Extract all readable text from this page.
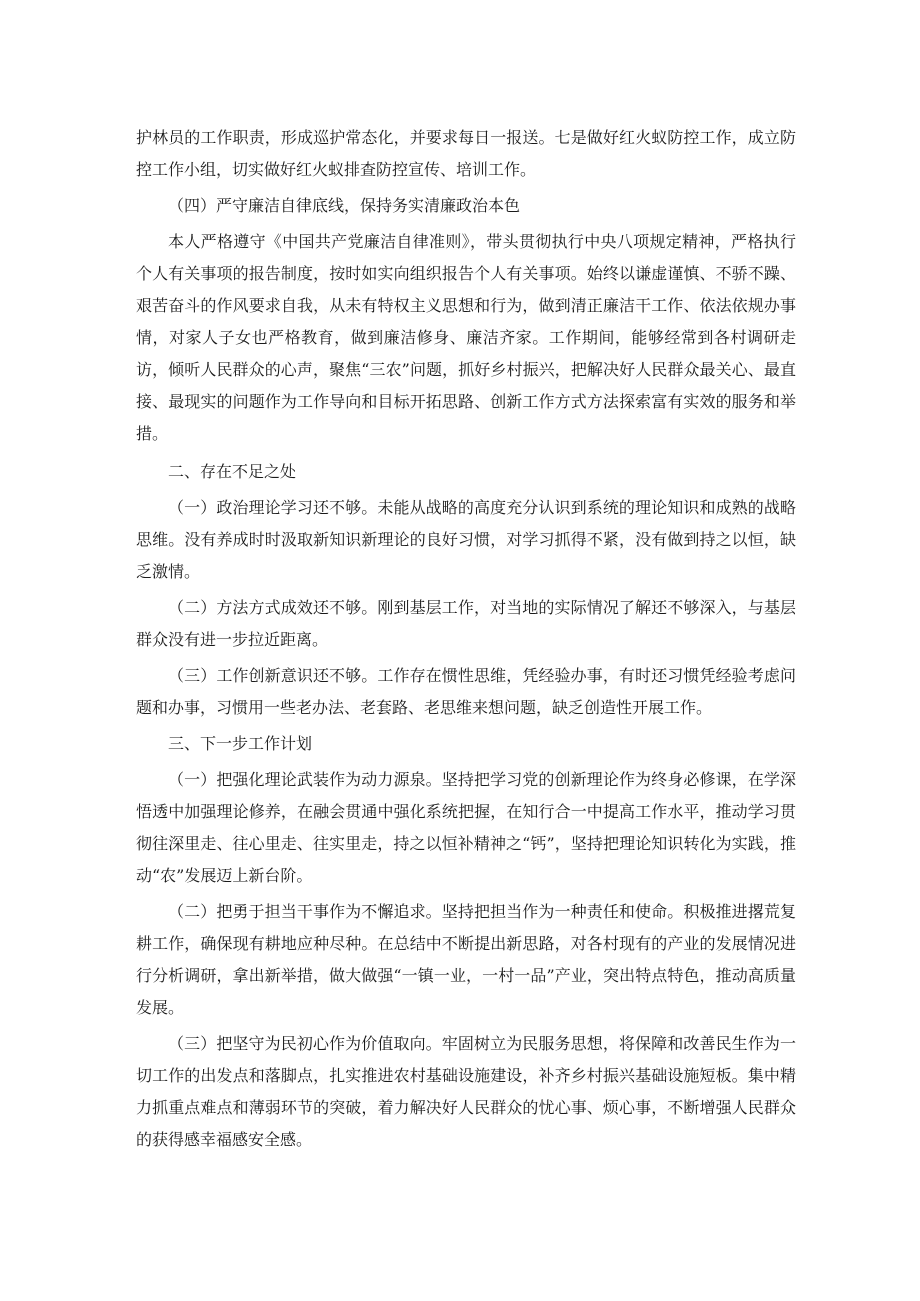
护林员的工作职责，形成巡护常态化，并要求每日一报送。七是做好红火蚁防控工作，成立防控工作小组，切实做好红火蚁排查防控宣传、培训工作。

（四）严守廉洁自律底线，保持务实清廉政治本色

本人严格遵守《中国共产党廉洁自律准则》，带头贯彻执行中央八项规定精神，严格执行个人有关事项的报告制度，按时如实向组织报告个人有关事项。始终以谦虚谨慎、不骄不躁、艰苦奋斗的作风要求自我，从未有特权主义思想和行为，做到清正廉洁干工作、依法依规办事情，对家人子女也严格教育，做到廉洁修身、廉洁齐家。工作期间，能够经常到各村调研走访，倾听人民群众的心声，聚焦“三农”问题，抓好乡村振兴，把解决好人民群众最关心、最直接、最现实的问题作为工作导向和目标开拓思路、创新工作方式方法探索富有实效的服务和举措。

二、存在不足之处

（一）政治理论学习还不够。未能从战略的高度充分认识到系统的理论知识和成熟的战略思维。没有养成时时汲取新知识新理论的良好习惯，对学习抓得不紧，没有做到持之以恒，缺乏激情。

（二）方法方式成效还不够。刚到基层工作，对当地的实际情况了解还不够深入，与基层群众没有进一步拉近距离。

（三）工作创新意识还不够。工作存在惯性思维，凭经验办事，有时还习惯凭经验考虑问题和办事，习惯用一些老办法、老套路、老思维来想问题，缺乏创造性开展工作。

三、下一步工作计划

（一）把强化理论武装作为动力源泉。坚持把学习党的创新理论作为终身必修课，在学深悟透中加强理论修养，在融会贯通中强化系统把握，在知行合一中提高工作水平，推动学习贯彻往深里走、往心里走、往实里走，持之以恒补精神之“钙”，坚持把理论知识转化为实践，推动“农”发展迈上新台阶。

（二）把勇于担当干事作为不懈追求。坚持把担当作为一种责任和使命。积极推进撂荒复耕工作，确保现有耕地应种尽种。在总结中不断提出新思路，对各村现有的产业的发展情况进行分析调研，拿出新举措，做大做强“一镇一业，一村一品”产业，突出特点特色，推动高质量发展。

（三）把坚守为民初心作为价值取向。牢固树立为民服务思想，将保障和改善民生作为一切工作的出发点和落脚点，扎实推进农村基础设施建设，补齐乡村振兴基础设施短板。集中精力抓重点难点和薄弱环节的突破，着力解决好人民群众的忧心事、烦心事，不断增强人民群众的获得感幸福感安全感。
